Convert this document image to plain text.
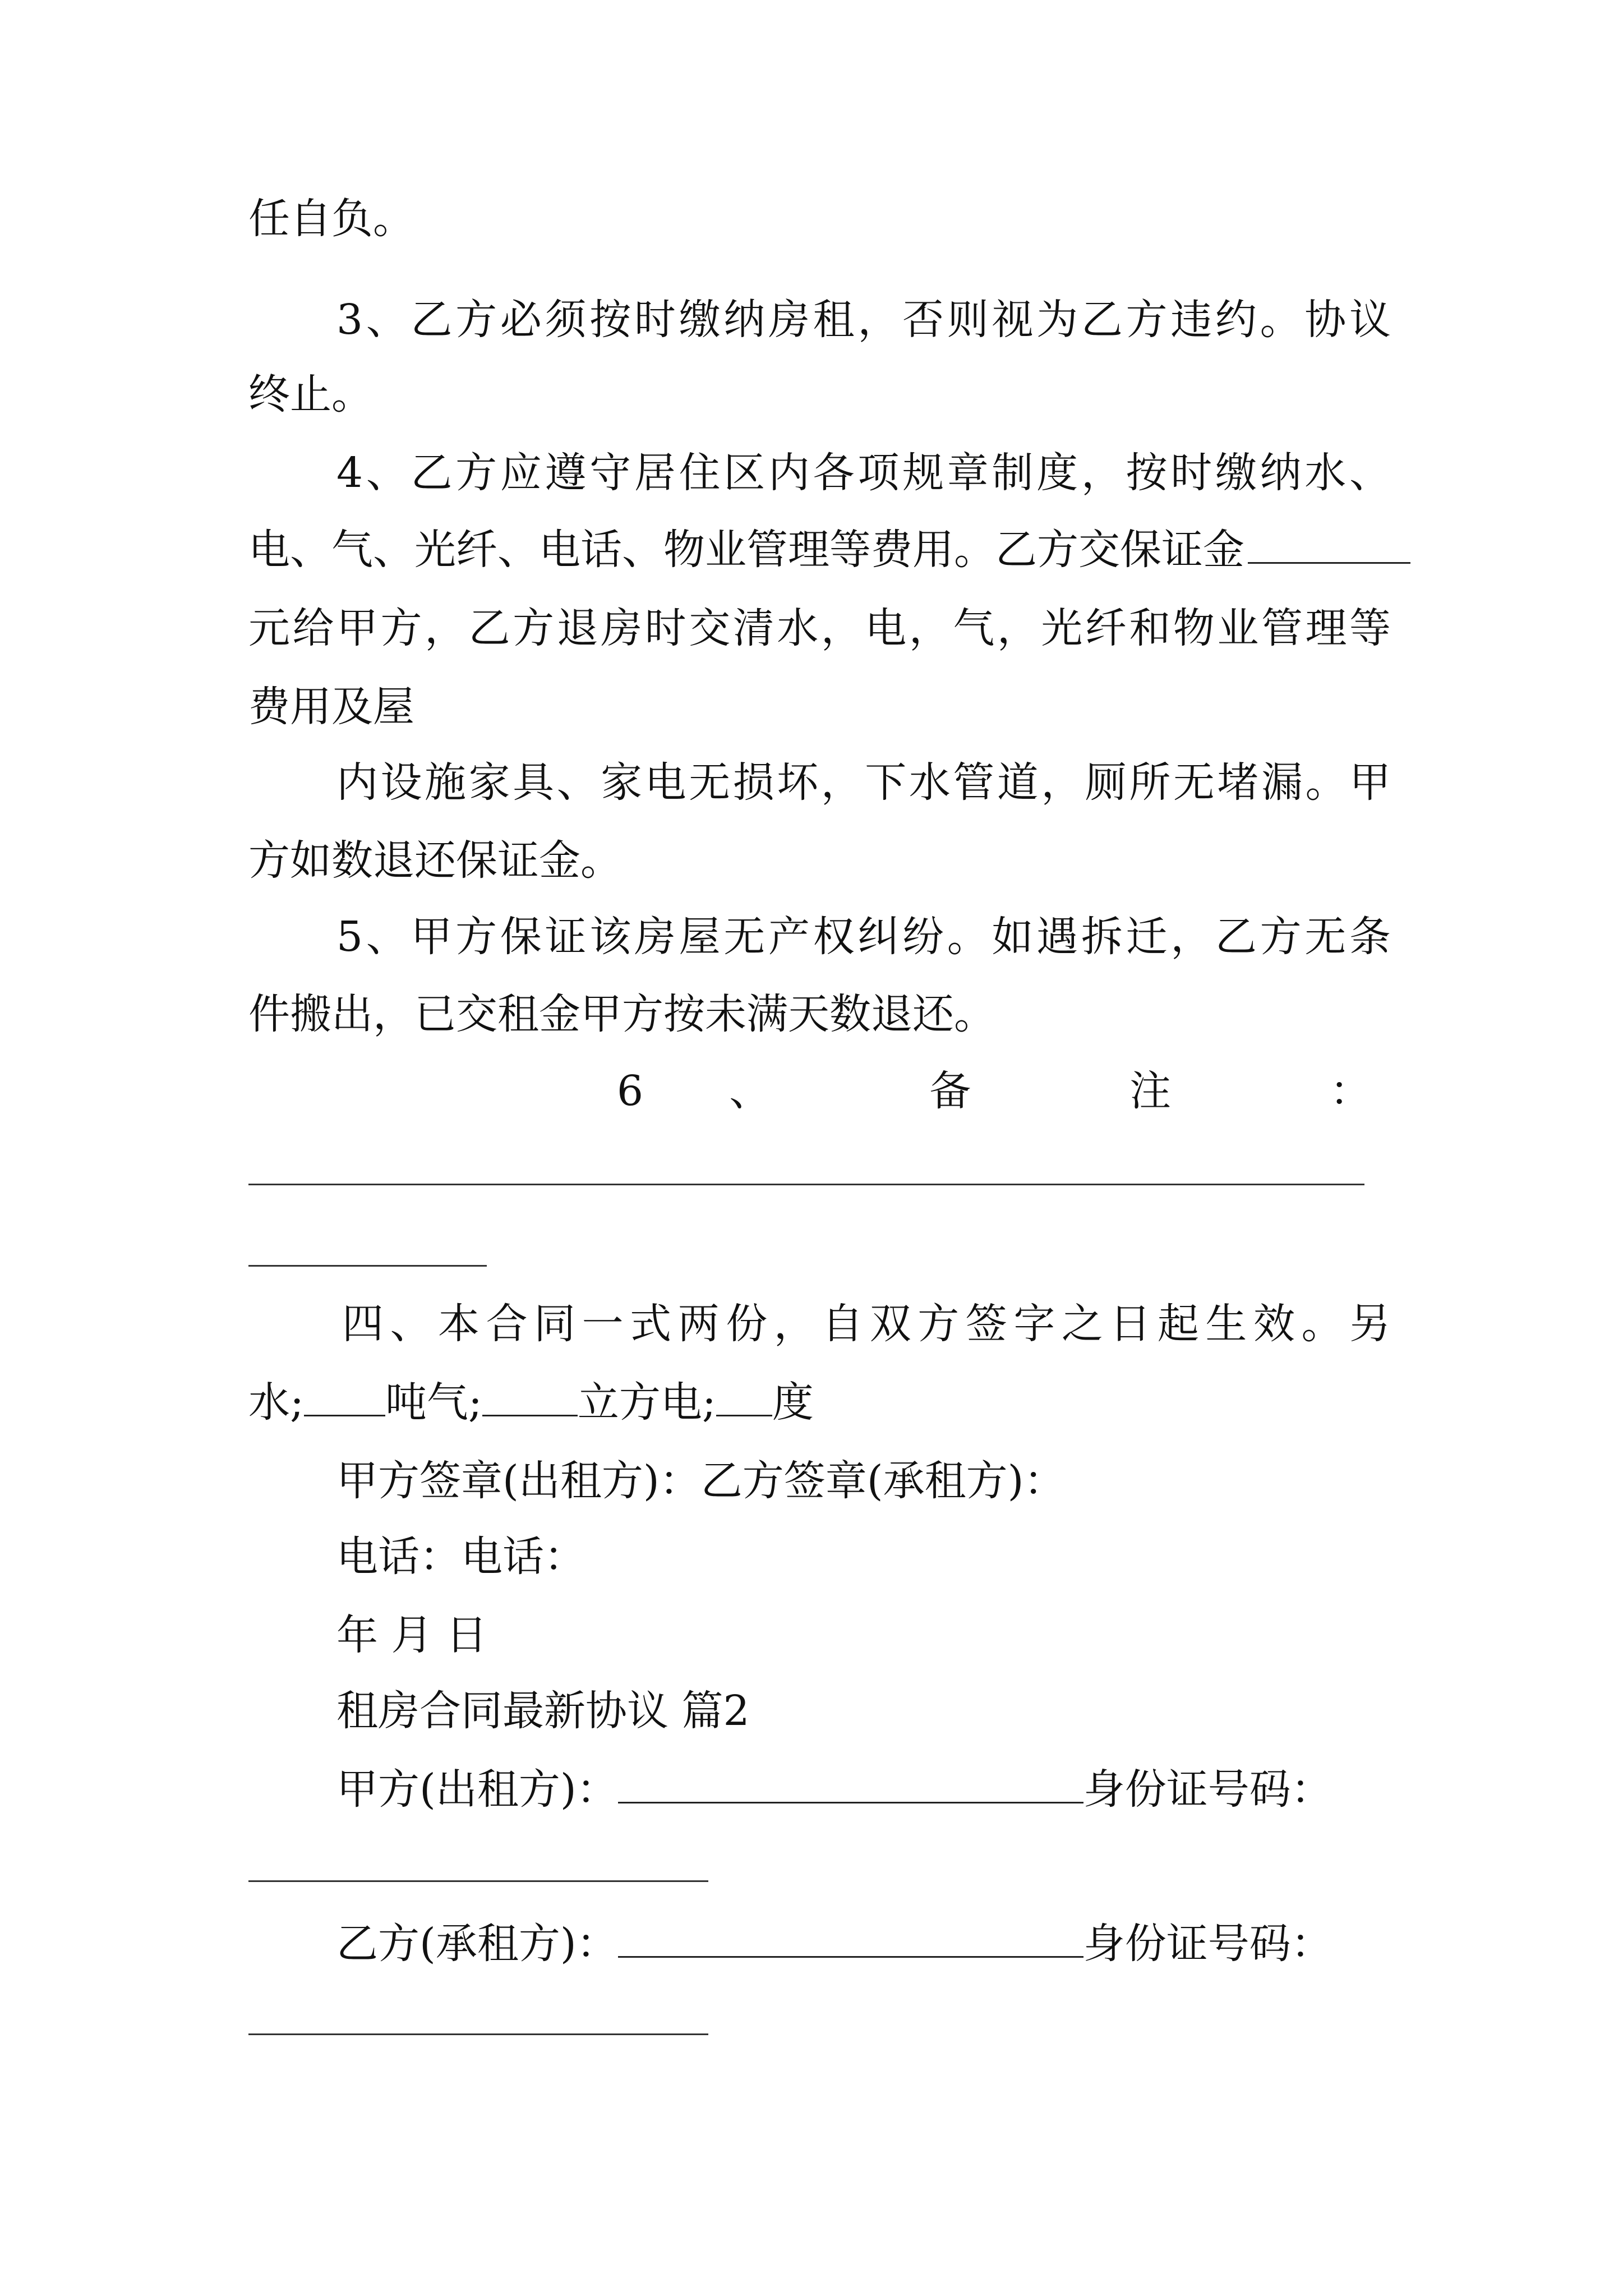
任自负。
3、乙方必须按时缴纳房租，否则视为乙方违约。协议
终止。
4、乙方应遵守居住区内各项规章制度，按时缴纳水、
电、气、光纤、电话、物业管理等费用。乙方交保证金
元给甲方，乙方退房时交清水，电，气，光纤和物业管理等
费用及屋
内设施家具、家电无损坏，下水管道，厕所无堵漏。甲
方如数退还保证金。
5、甲方保证该房屋无产权纠纷。如遇拆迁，乙方无条
件搬出，已交租金甲方按未满天数退还。
6 、 备 注 ：
四、本合同一式两份，自双方签字之日起生效。另
水; 吨气; 立方电; 度
甲方签章(出租方)：乙方签章(承租方)：
电话：电话：
年 月 日
租房合同最新协议 篇2
甲方(出租方)：	身份证号码：
乙方(承租方)：	身份证号码：
